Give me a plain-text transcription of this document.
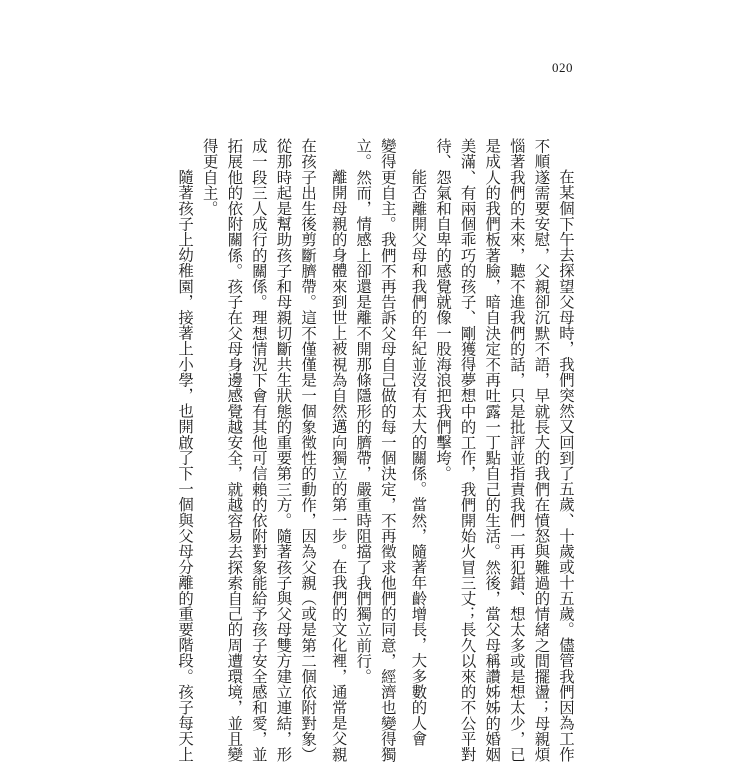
020
在某個下午去探望父母時，我們突然又回到了五歲、十歲或十五歲。儘管我們因為工作
不順遂需要安慰，父親卻沉默不語，早就長大的我們在憤怒與難過的情緒之間擺盪；母親煩
惱著我們的未來，聽不進我們的話，只是批評並指責我們一再犯錯、想太多或是想太少，已
是成人的我們板著臉，暗自決定不再吐露一丁點自己的生活。然後，當父母稱讚姊姊的婚姻
美滿、有兩個乖巧的孩子、剛獲得夢想中的工作，我們開始火冒三丈；長久以來的不公平對
待、怨氣和自卑的感覺就像一股海浪把我們擊垮。
能否離開父母和我們的年紀並沒有太大的關係。當然，隨著年齡增長，大多數的人會
變得更自主。我們不再告訴父母自己做的每一個決定，不再徵求他們的同意，經濟也變得獨
立。然而，情感上卻還是離不開那條隱形的臍帶，嚴重時阻擋了我們獨立前行。
離開母親的身體來到世上被視為自然邁向獨立的第一步。在我們的文化裡，通常是父親
在孩子出生後剪斷臍帶。這不僅僅是一個象徵性的動作，因為父親（或是第二個依附對象）
從那時起是幫助孩子和母親切斷共生狀態的重要第三方。隨著孩子與父母雙方建立連結，形
成一段三人成行的關係。理想情況下會有其他可信賴的依附對象能給予孩子安全感和愛，並
拓展他的依附關係。孩子在父母身邊感覺越安全，就越容易去探索自己的周遭環境，並且變
得更自主。
隨著孩子上幼稚園，接著上小學，也開啟了下一個與父母分離的重要階段。孩子每天上
